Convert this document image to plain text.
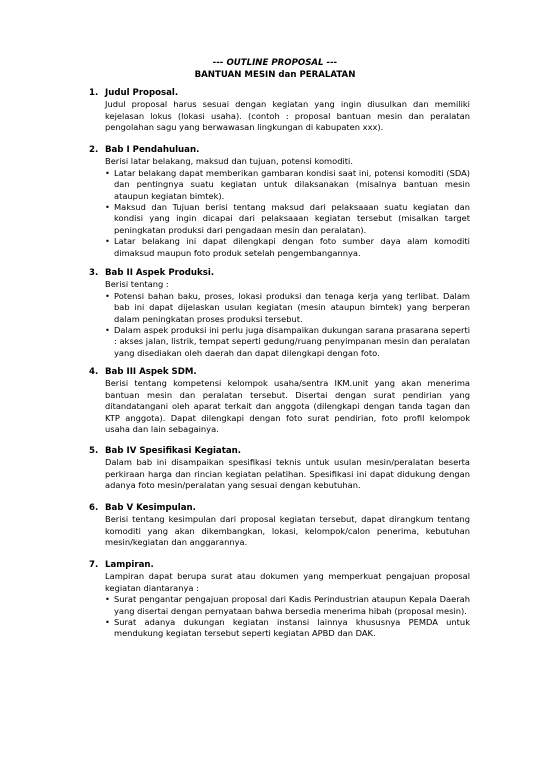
--- OUTLINE PROPOSAL ---
BANTUAN MESIN dan PERALATAN
1. Judul Proposal.
Judul proposal harus sesuai dengan kegiatan yang ingin diusulkan dan memiliki kejelasan lokus (lokasi usaha). (contoh : proposal bantuan mesin dan peralatan pengolahan sagu yang berwawasan lingkungan di kabupaten xxx).
2. Bab I Pendahuluan.
Berisi latar belakang, maksud dan tujuan, potensi komoditi.
• Latar belakang dapat memberikan gambaran kondisi saat ini, potensi komoditi (SDA) dan pentingnya suatu kegiatan untuk dilaksanakan (misalnya bantuan mesin ataupun kegiatan bimtek).
• Maksud dan Tujuan berisi tentang maksud dari pelaksaaan suatu kegiatan dan kondisi yang ingin dicapai dari pelaksaaan kegiatan tersebut (misalkan target peningkatan produksi dari pengadaan mesin dan peralatan).
• Latar belakang ini dapat dilengkapi dengan foto sumber daya alam komoditi dimaksud maupun foto produk setelah pengembangannya.
3. Bab II Aspek Produksi.
Berisi tentang :
• Potensi bahan baku, proses, lokasi produksi dan tenaga kerja yang terlibat. Dalam bab ini dapat dijelaskan usulan kegiatan (mesin ataupun bimtek) yang berperan dalam peningkatan proses produksi tersebut.
• Dalam aspek produksi ini perlu juga disampaikan dukungan sarana prasarana seperti : akses jalan, listrik, tempat seperti gedung/ruang penyimpanan mesin dan peralatan yang disediakan oleh daerah dan dapat dilengkapi dengan foto.
4. Bab III Aspek SDM.
Berisi tentang kompetensi kelompok usaha/sentra IKM.unit yang akan menerima bantuan mesin dan peralatan tersebut. Disertai dengan surat pendirian yang ditandatangani oleh aparat terkait dan anggota (dilengkapi dengan tanda tagan dan KTP anggota). Dapat dilengkapi dengan foto surat pendirian, foto profil kelompok usaha dan lain sebagainya.
5. Bab IV Spesifikasi Kegiatan.
Dalam bab ini disampaikan spesifikasi teknis untuk usulan mesin/peralatan beserta perkiraan harga dan rincian kegiatan pelatihan. Spesifikasi ini dapat didukung dengan adanya foto mesin/peralatan yang sesuai dengan kebutuhan.
6. Bab V Kesimpulan.
Berisi tentang kesimpulan dari proposal kegiatan tersebut, dapat dirangkum tentang komoditi yang akan dikembangkan, lokasi, kelompok/calon penerima, kebutuhan mesin/kegiatan dan anggarannya.
7. Lampiran.
Lampiran dapat berupa surat atau dokumen yang memperkuat pengajuan proposal kegiatan diantaranya :
• Surat pengantar pengajuan proposal dari Kadis Perindustrian ataupun Kepala Daerah yang disertai dengan pernyataan bahwa bersedia menerima hibah (proposal mesin).
• Surat adanya dukungan kegiatan instansi lainnya khususnya PEMDA untuk mendukung kegiatan tersebut seperti kegiatan APBD dan DAK.
